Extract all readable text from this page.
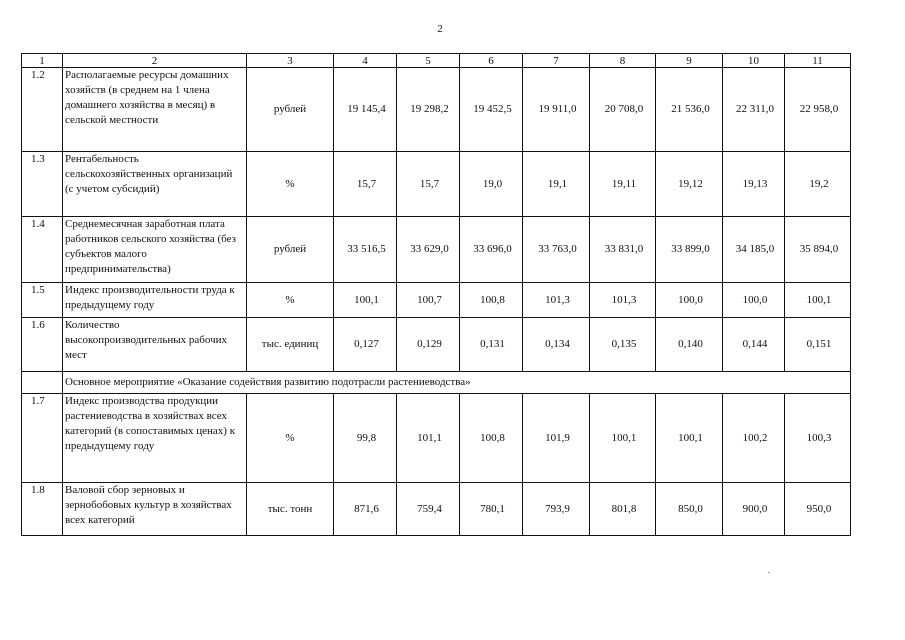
2
1	2	3	4	5	6	7	8	9	10	11
1.2	Располагаемые ресурсы домашних хозяйств (в среднем на 1 члена домашнего хозяйства в месяц) в сельской местности	рублей	19 145,4	19 298,2	19 452,5	19 911,0	20 708,0	21 536,0	22 311,0	22 958,0
1.3	Рентабельность сельскохозяйственных организаций (с учетом субсидий)	%	15,7	15,7	19,0	19,1	19,11	19,12	19,13	19,2
1.4	Среднемесячная заработная плата работников сельского хозяйства (без субъектов малого предпринимательства)	рублей	33 516,5	33 629,0	33 696,0	33 763,0	33 831,0	33 899,0	34 185,0	35 894,0
1.5	Индекс производительности труда к предыдущему году	%	100,1	100,7	100,8	101,3	101,3	100,0	100,0	100,1
1.6	Количество высокопроизводительных рабочих мест	тыс. единиц	0,127	0,129	0,131	0,134	0,135	0,140	0,144	0,151
	Основное мероприятие «Оказание содействия развитию подотрасли растениеводства»									
1.7	Индекс производства продукции растениеводства в хозяйствах всех категорий (в сопоставимых ценах) к предыдущему году	%	99,8	101,1	100,8	101,9	100,1	100,1	100,2	100,3
1.8	Валовой сбор зерновых и зернобобовых культур в хозяйствах всех категорий	тыс. тонн	871,6	759,4	780,1	793,9	801,8	850,0	900,0	950,0
